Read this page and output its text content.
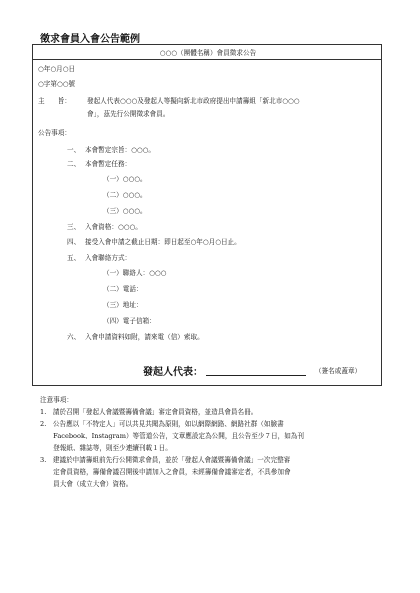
徵求會員入會公告範例
○○○（團體名稱）會員徵求公告
○年○月○日
○字第○○號
主　　旨： 發起人代表○○○及發起人等擬向新北市政府提出申請籌組「新北市○○○
會」，茲先行公開徵求會員。
公告事項：
一、 本會暫定宗旨：○○○。
二、 本會暫定任務：
（一）○○○。
（二）○○○。
（三）○○○。
三、 入會資格：○○○。
四、 接受入會申請之截止日期：即日起至○年○月○日止。
五、 入會聯絡方式：
（一）聯絡人：○○○
（二）電話：
（三）地址：
（四）電子信箱：
六、 入會申請資料如附，請來電（信）索取。
發起人代表：	（簽名或蓋章）
注意事項：
1.　請於召開「發起人會議暨籌備會議」審定會員資格，並造具會員名冊。
2.　公告應以「不特定人」可以共見共聞為原則，如以網際網路、網路社群（如臉書
　　Facebook、Instagram）等管道公告，文章應設定為公開，且公告至少７日，如為刊
　　登報紙、雜誌等，則至少連續刊載１日。
3.　建議於申請籌組前先行公開徵求會員，並於「發起人會議暨籌備會議」一次完整審
　　定會員資格，籌備會議召開後申請加入之會員，未經籌備會議審定者，不具參加會
　　員大會（成立大會）資格。
